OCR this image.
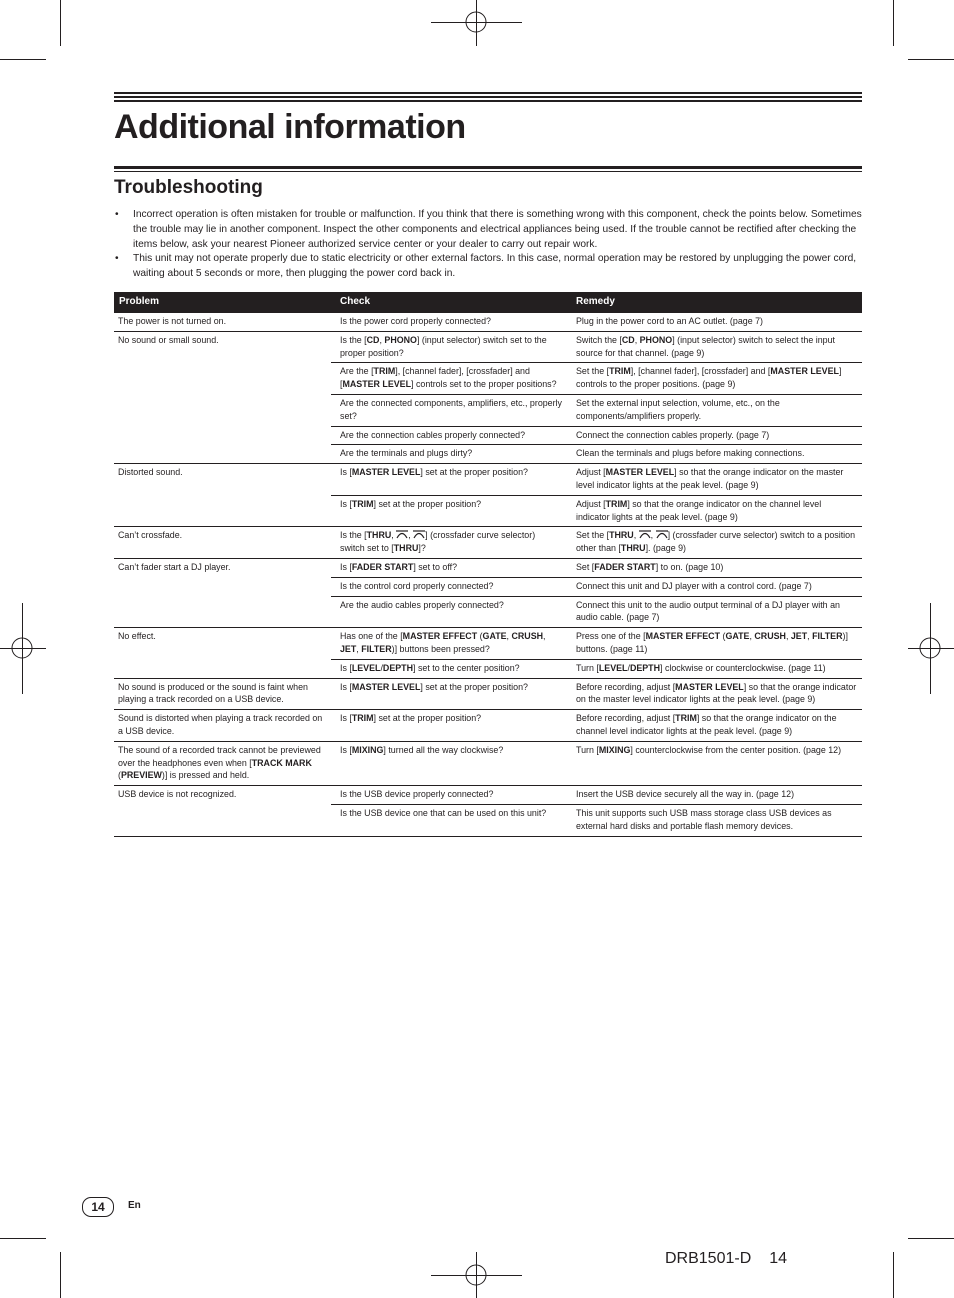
Additional information
Troubleshooting
• Incorrect operation is often mistaken for trouble or malfunction. If you think that there is something wrong with this component, check the points below. Sometimes the trouble may lie in another component. Inspect the other components and electrical appliances being used. If the trouble cannot be rectified after checking the items below, ask your nearest Pioneer authorized service center or your dealer to carry out repair work.
• This unit may not operate properly due to static electricity or other external factors. In this case, normal operation may be restored by unplugging the power cord, waiting about 5 seconds or more, then plugging the power cord back in.
Problem	Check	Remedy
The power is not turned on.	Is the power cord properly connected?	Plug in the power cord to an AC outlet. (page 7)
No sound or small sound.	Is the [CD, PHONO] (input selector) switch set to the proper position?	Switch the [CD, PHONO] (input selector) switch to select the input source for that channel. (page 9)
	Are the [TRIM], [channel fader], [crossfader] and [MASTER LEVEL] controls set to the proper positions?	Set the [TRIM], [channel fader], [crossfader] and [MASTER LEVEL] controls to the proper positions. (page 9)
	Are the connected components, amplifiers, etc., properly set?	Set the external input selection, volume, etc., on the components/amplifiers properly.
	Are the connection cables properly connected?	Connect the connection cables properly. (page 7)
	Are the terminals and plugs dirty?	Clean the terminals and plugs before making connections.
Distorted sound.	Is [MASTER LEVEL] set at the proper position?	Adjust [MASTER LEVEL] so that the orange indicator on the master level indicator lights at the peak level. (page 9)
	Is [TRIM] set at the proper position?	Adjust [TRIM] so that the orange indicator on the channel level indicator lights at the peak level. (page 9)
Can’t crossfade.	Is the [THRU, , ] (crossfader curve selector) switch set to [THRU]?	Set the [THRU, , ] (crossfader curve selector) switch to a position other than [THRU]. (page 9)
Can’t fader start a DJ player.	Is [FADER START] set to off?	Set [FADER START] to on. (page 10)
	Is the control cord properly connected?	Connect this unit and DJ player with a control cord. (page 7)
	Are the audio cables properly connected?	Connect this unit to the audio output terminal of a DJ player with an audio cable. (page 7)
No effect.	Has one of the [MASTER EFFECT (GATE, CRUSH, JET, FILTER)] buttons been pressed?	Press one of the [MASTER EFFECT (GATE, CRUSH, JET, FILTER)] buttons. (page 11)
	Is [LEVEL/DEPTH] set to the center position?	Turn [LEVEL/DEPTH] clockwise or counterclockwise. (page 11)
No sound is produced or the sound is faint when playing a track recorded on a USB device.	Is [MASTER LEVEL] set at the proper position?	Before recording, adjust [MASTER LEVEL] so that the orange indicator on the master level indicator lights at the peak level. (page 9)
Sound is distorted when playing a track recorded on a USB device.	Is [TRIM] set at the proper position?	Before recording, adjust [TRIM] so that the orange indicator on the channel level indicator lights at the peak level. (page 9)
The sound of a recorded track cannot be previewed over the headphones even when [TRACK MARK (PREVIEW)] is pressed and held.	Is [MIXING] turned all the way clockwise?	Turn [MIXING] counterclockwise from the center position. (page 12)
USB device is not recognized.	Is the USB device properly connected?	Insert the USB device securely all the way in. (page 12)
	Is the USB device one that can be used on this unit?	This unit supports such USB mass storage class USB devices as external hard disks and portable flash memory devices.
14	En
DRB1501-D 14
